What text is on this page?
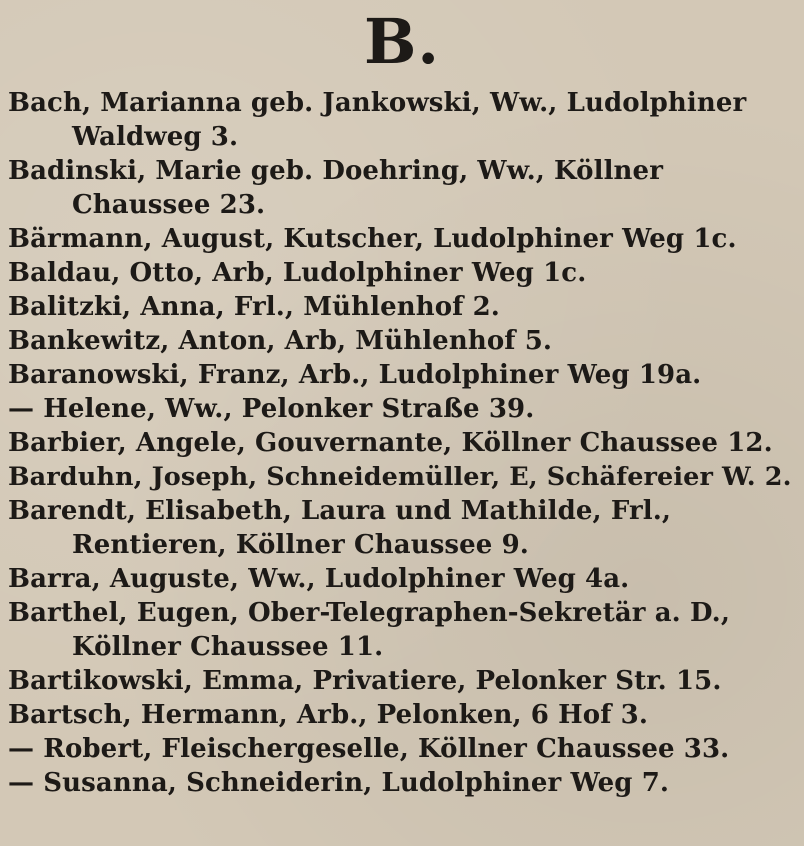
B.
Bach, Marianna geb. Jankowski, Ww., Ludolphiner
Waldweg 3.
Badinski, Marie geb. Doehring, Ww., Köllner
Chaussee 23.
Bärmann, August, Kutscher, Ludolphiner Weg 1c.
Baldau, Otto, Arb, Ludolphiner Weg 1c.
Balitzki, Anna, Frl., Mühlenhof 2.
Bankewitz, Anton, Arb, Mühlenhof 5.
Baranowski, Franz, Arb., Ludolphiner Weg 19a.
— Helene, Ww., Pelonker Straße 39.
Barbier, Angele, Gouvernante, Köllner Chaussee 12.
Barduhn, Joseph, Schneidemüller, E, Schäfereier W. 2.
Barendt, Elisabeth, Laura und Mathilde, Frl.,
Rentieren, Köllner Chaussee 9.
Barra, Auguste, Ww., Ludolphiner Weg 4a.
Barthel, Eugen, Ober-Telegraphen-Sekretär a. D.,
Köllner Chaussee 11.
Bartikowski, Emma, Privatiere, Pelonker Str. 15.
Bartsch, Hermann, Arb., Pelonken, 6 Hof 3.
— Robert, Fleischergeselle, Köllner Chaussee 33.
— Susanna, Schneiderin, Ludolphiner Weg 7.
